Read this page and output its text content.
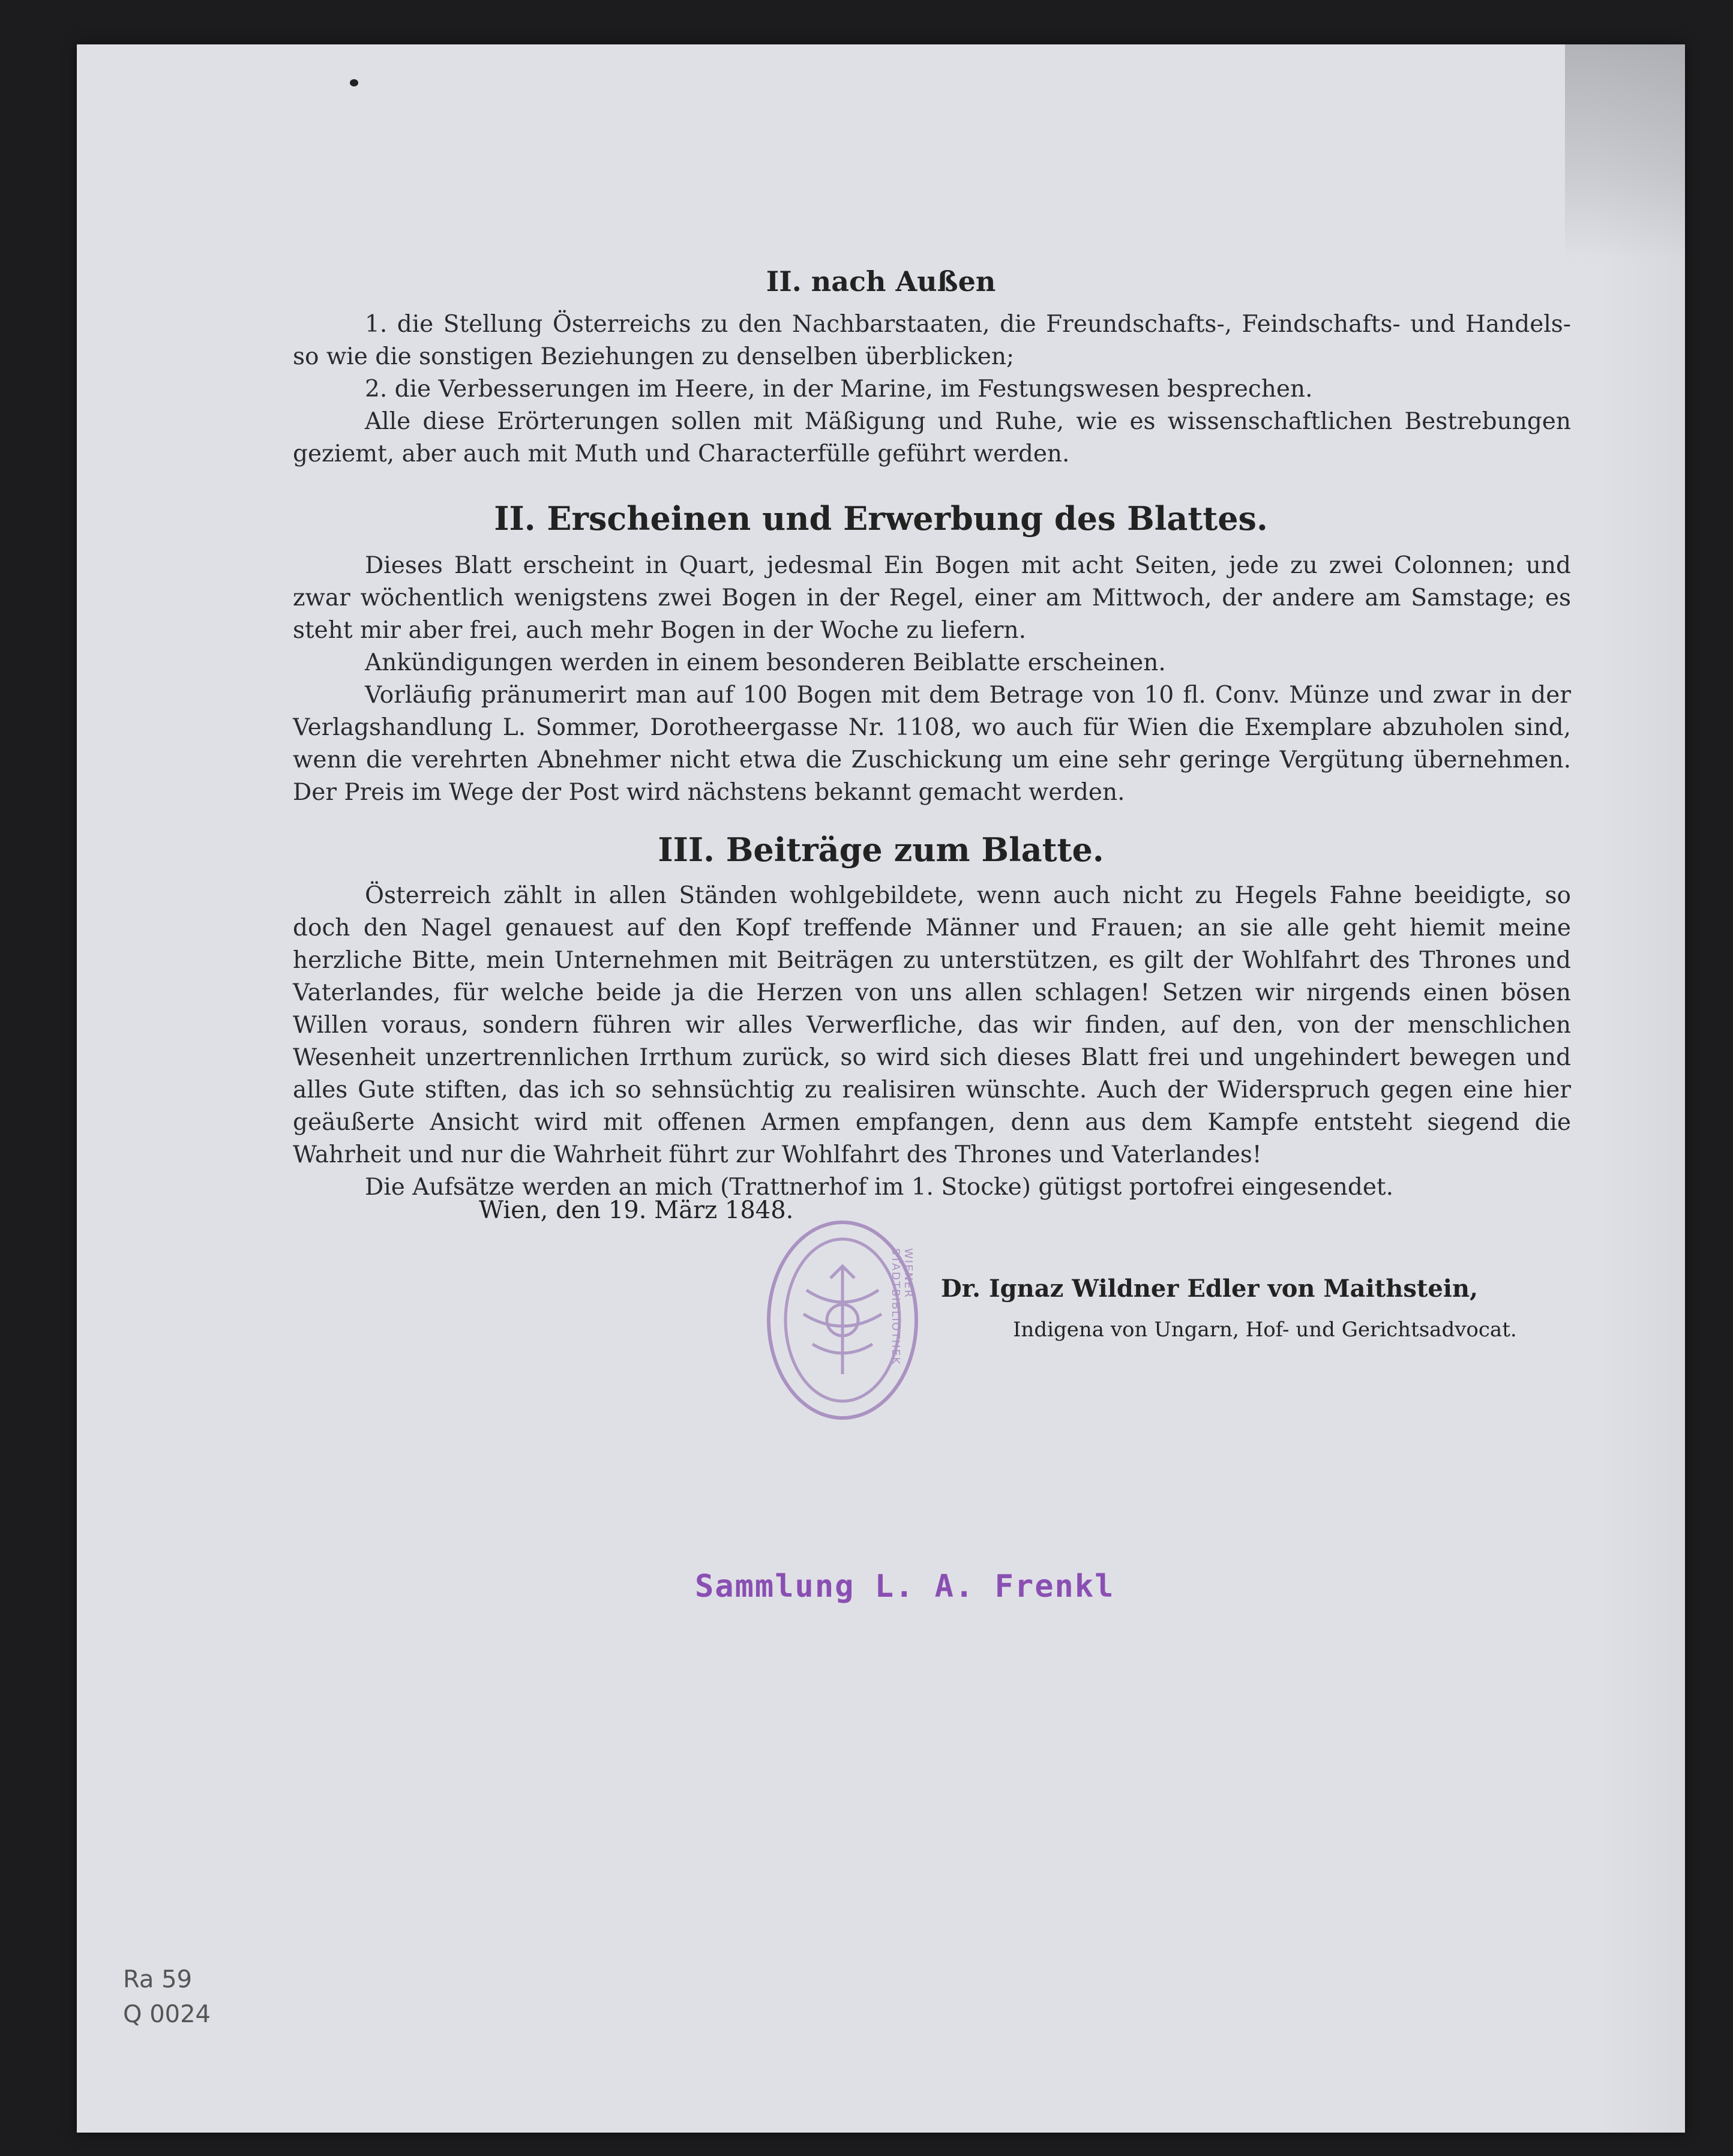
II. nach Außen

1. die Stellung Österreichs zu den Nachbarstaaten, die Freundschafts-, Feindschafts- und Handels- so wie die sonstigen Beziehungen zu denselben überblicken;

2. die Verbesserungen im Heere, in der Marine, im Festungswesen besprechen.

Alle diese Erörterungen sollen mit Mäßigung und Ruhe, wie es wissenschaftlichen Bestrebungen geziemt, aber auch mit Muth und Characterfülle geführt werden.

II. Erscheinen und Erwerbung des Blattes.

Dieses Blatt erscheint in Quart, jedesmal Ein Bogen mit acht Seiten, jede zu zwei Colonnen; und zwar wöchentlich wenigstens zwei Bogen in der Regel, einer am Mittwoch, der andere am Samstage; es steht mir aber frei, auch mehr Bogen in der Woche zu liefern.

Ankündigungen werden in einem besonderen Beiblatte erscheinen.

Vorläufig pränumerirt man auf 100 Bogen mit dem Betrage von 10 fl. Conv. Münze und zwar in der Verlagshandlung L. Sommer, Dorotheergasse Nr. 1108, wo auch für Wien die Exemplare abzuholen sind, wenn die verehrten Abnehmer nicht etwa die Zuschickung um eine sehr geringe Vergütung übernehmen. Der Preis im Wege der Post wird nächstens bekannt gemacht werden.

III. Beiträge zum Blatte.

Österreich zählt in allen Ständen wohlgebildete, wenn auch nicht zu Hegels Fahne beeidigte, so doch den Nagel genauest auf den Kopf treffende Männer und Frauen; an sie alle geht hiemit meine herzliche Bitte, mein Unternehmen mit Beiträgen zu unterstützen, es gilt der Wohlfahrt des Thrones und Vaterlandes, für welche beide ja die Herzen von uns allen schlagen! Setzen wir nirgends einen bösen Willen voraus, sondern führen wir alles Verwerfliche, das wir finden, auf den, von der menschlichen Wesenheit unzertrennlichen Irrthum zurück, so wird sich dieses Blatt frei und ungehindert bewegen und alles Gute stiften, das ich so sehnsüchtig zu realisiren wünschte. Auch der Widerspruch gegen eine hier geäußerte Ansicht wird mit offenen Armen empfangen, denn aus dem Kampfe entsteht siegend die Wahrheit und nur die Wahrheit führt zur Wohlfahrt des Thrones und Vaterlandes!

Die Aufsätze werden an mich (Trattnerhof im 1. Stocke) gütigst portofrei eingesendet.

Wien, den 19. März 1848.
WIENER STADTBIBLIOTHEK	Dr. Ignaz Wildner Edler von Maithstein,
Indigena von Ungarn, Hof- und Gerichtsadvocat.
Sammlung L. A. Frenkl
Ra 59
Q 0024
